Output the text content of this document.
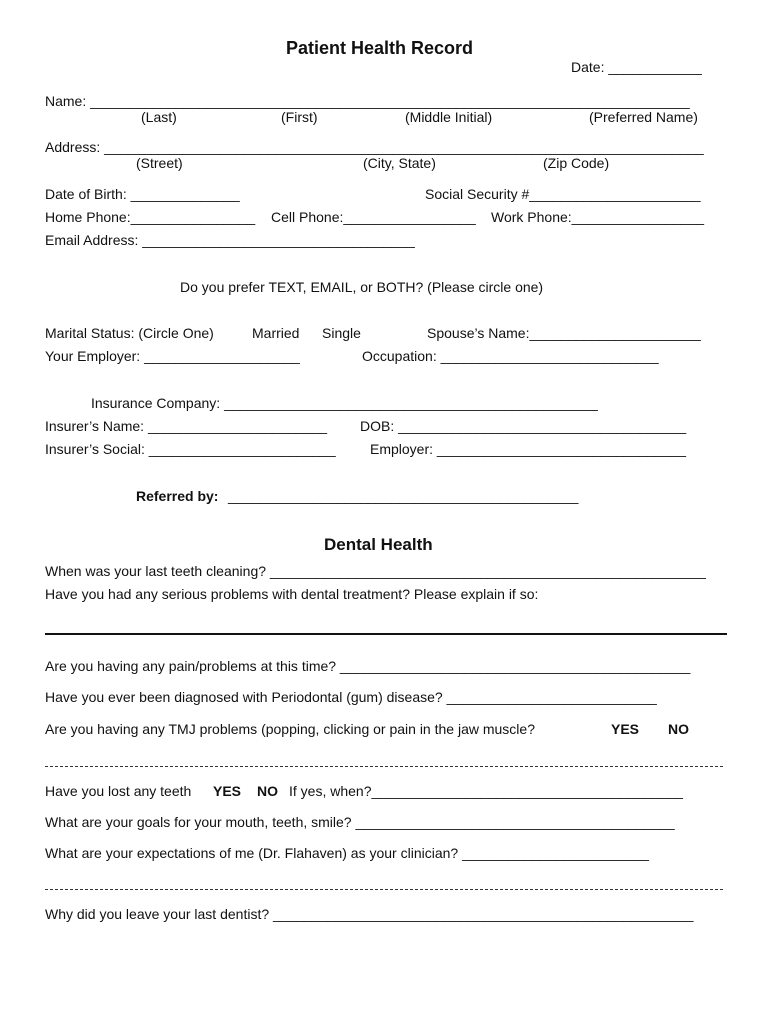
Patient Health Record
Date: ____________
Name: _____________________________________________________________________________
(Last)	(First)	(Middle Initial)	(Preferred Name)
Address: _____________________________________________________________________________
(Street)	(City, State)	(Zip Code)
Date of Birth: ______________	Social Security #______________________
Home Phone:________________ Cell Phone:_________________ Work Phone:_________________
Email Address: ___________________________________
Do you prefer TEXT, EMAIL, or BOTH? (Please circle one)
Marital Status: (Circle One)	Married Single	Spouse’s Name:______________________
Your Employer: ____________________	Occupation: ____________________________
Insurance Company: ________________________________________________
Insurer’s Name: _______________________ DOB: _____________________________________
Insurer’s Social: ________________________ Employer: ________________________________
Referred by: _____________________________________________
Dental Health
When was your last teeth cleaning? ________________________________________________________
Have you had any serious problems with dental treatment? Please explain if so:
Are you having any pain/problems at this time? _____________________________________________
Have you ever been diagnosed with Periodontal (gum) disease? ___________________________
Are you having any TMJ problems (popping, clicking or pain in the jaw muscle?	YES NO
Have you lost any teeth YES NO If yes, when?________________________________________
What are your goals for your mouth, teeth, smile? _________________________________________
What are your expectations of me (Dr. Flahaven) as your clinician? ________________________
Why did you leave your last dentist? ______________________________________________________
